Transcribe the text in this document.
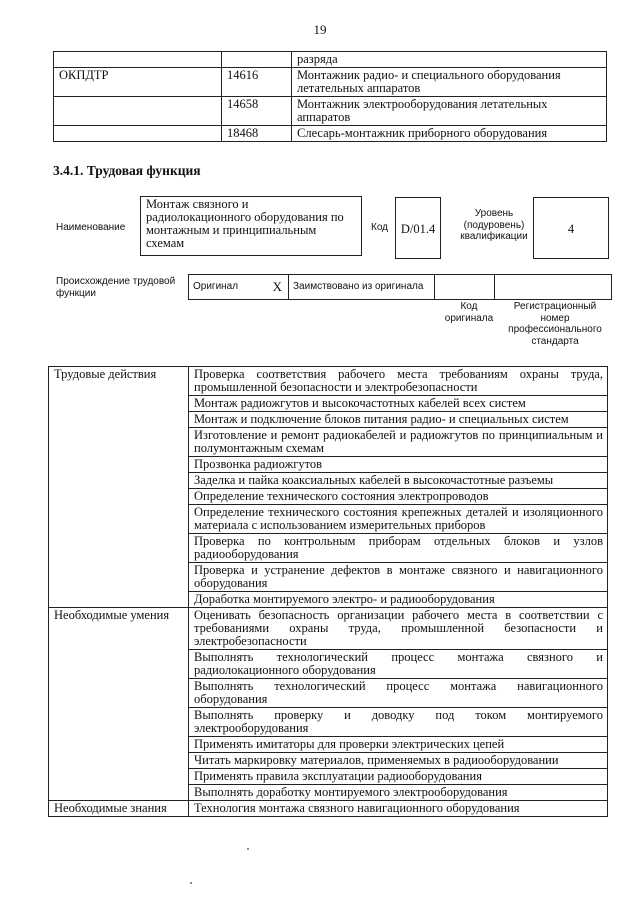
19
		разряда
ОКПДТР	14616	Монтажник радио- и специального оборудования летательных аппаратов
	14658	Монтажник электрооборудования летательных аппаратов
	18468	Слесарь-монтажник приборного оборудования
3.4.1. Трудовая функция
Наименование
Монтаж связного и радиолокационного оборудования по монтажным и принципиальным схемам
Код	D/01.4
Уровень (подуровень) квалификации
4
Происхождение трудовой функции
Оригинал	X	Заимствовано из оригинала
Код оригинала
Регистрационный номер профессионального стандарта
Трудовые действия	Проверка соответствия рабочего места требованиям охраны труда, промышленной безопасности и электробезопасности
	Монтаж радиожгутов и высокочастотных кабелей всех систем
	Монтаж и подключение блоков питания радио- и специальных систем
	Изготовление и ремонт радиокабелей и радиожгутов по принципиальным и полумонтажным схемам
	Прозвонка радиожгутов
	Заделка и пайка коаксиальных кабелей в высокочастотные разъемы
	Определение технического состояния электропроводов
	Определение технического состояния крепежных деталей и изоляционного материала с использованием измерительных приборов
	Проверка по контрольным приборам отдельных блоков и узлов радиооборудования
	Проверка и устранение дефектов в монтаже связного и навигационного оборудования
	Доработка монтируемого электро- и радиооборудования
Необходимые умения	Оценивать безопасность организации рабочего места в соответствии с требованиями охраны труда, промышленной безопасности и электробезопасности
	Выполнять технологический процесс монтажа связного и радиолокационного оборудования
	Выполнять технологический процесс монтажа навигационного оборудования
	Выполнять проверку и доводку под током монтируемого электрооборудования
	Применять имитаторы для проверки электрических цепей
	Читать маркировку материалов, применяемых в радиооборудовании
	Применять правила эксплуатации радиооборудования
	Выполнять доработку монтируемого электрооборудования
Необходимые знания	Технология монтажа связного навигационного оборудования
